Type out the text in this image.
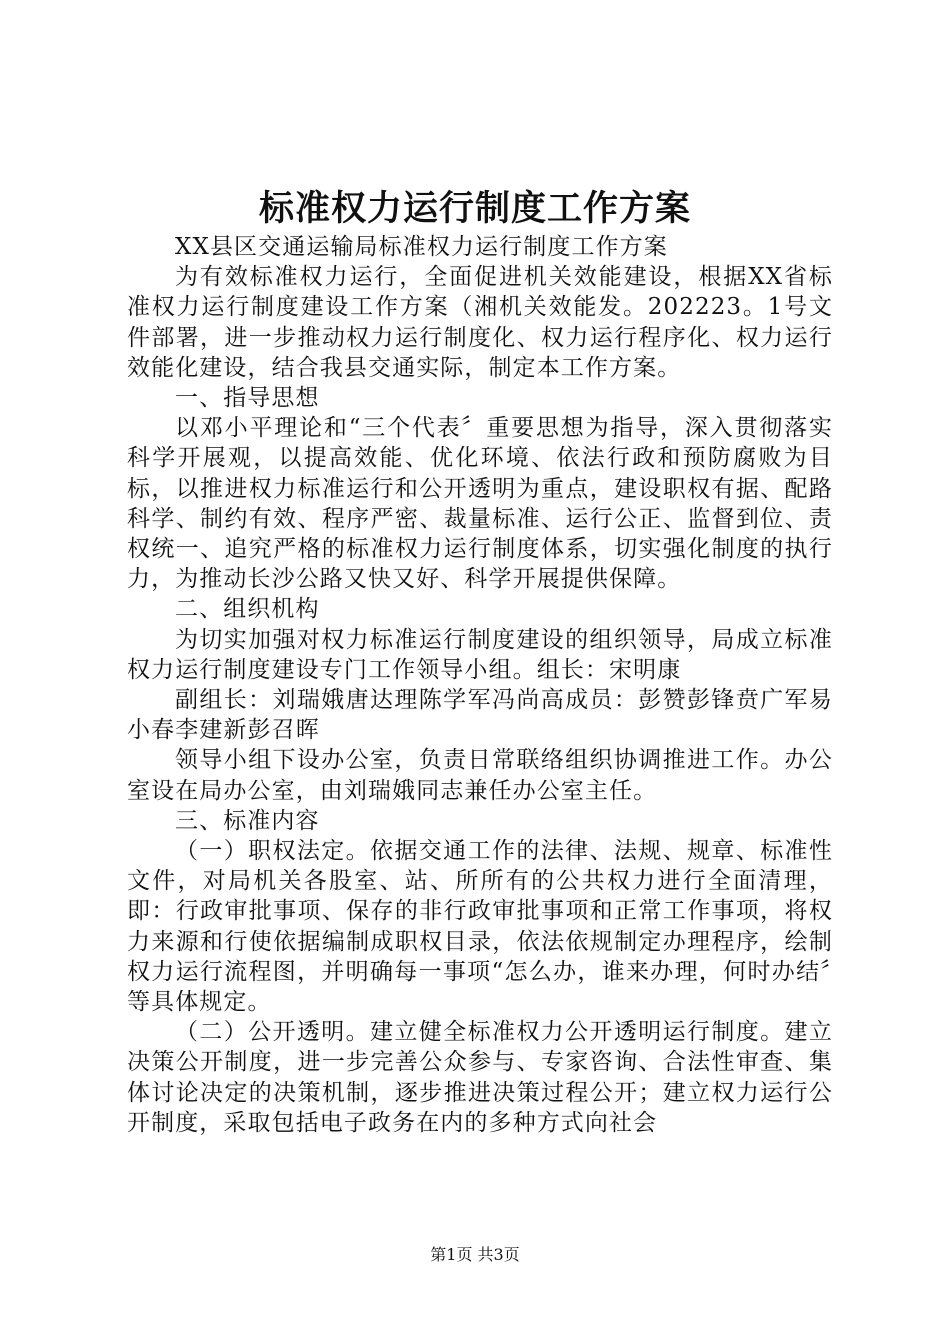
标准权力运行制度工作方案

XX县区交通运输局标准权力运行制度工作方案

为有效标准权力运行，全面促进机关效能建设，根据XX省标准权力运行制度建设工作方案（湘机关效能发。202223。1号文件部署，进一步推动权力运行制度化、权力运行程序化、权力运行效能化建设，结合我县交通实际，制定本工作方案。

一、指导思想

以邓小平理论和“三个代表〞重要思想为指导，深入贯彻落实科学开展观，以提高效能、优化环境、依法行政和预防腐败为目标，以推进权力标准运行和公开透明为重点，建设职权有据、配路科学、制约有效、程序严密、裁量标准、运行公正、监督到位、责权统一、追究严格的标准权力运行制度体系，切实强化制度的执行力，为推动长沙公路又快又好、科学开展提供保障。

二、组织机构

为切实加强对权力标准运行制度建设的组织领导，局成立标准权力运行制度建设专门工作领导小组。组长：宋明康

副组长：刘瑞娥唐达理陈学军冯尚高成员：彭赞彭锋贲广军易小春李建新彭召晖

领导小组下设办公室，负责日常联络组织协调推进工作。办公室设在局办公室，由刘瑞娥同志兼任办公室主任。

三、标准内容

（一）职权法定。依据交通工作的法律、法规、规章、标准性文件，对局机关各股室、站、所所有的公共权力进行全面清理，即：行政审批事项、保存的非行政审批事项和正常工作事项，将权力来源和行使依据编制成职权目录，依法依规制定办理程序，绘制权力运行流程图，并明确每一事项“怎么办，谁来办理，何时办结〞等具体规定。

（二）公开透明。建立健全标准权力公开透明运行制度。建立决策公开制度，进一步完善公众参与、专家咨询、合法性审查、集体讨论决定的决策机制，逐步推进决策过程公开；建立权力运行公开制度，采取包括电子政务在内的多种方式向社会

第1页 共3页
